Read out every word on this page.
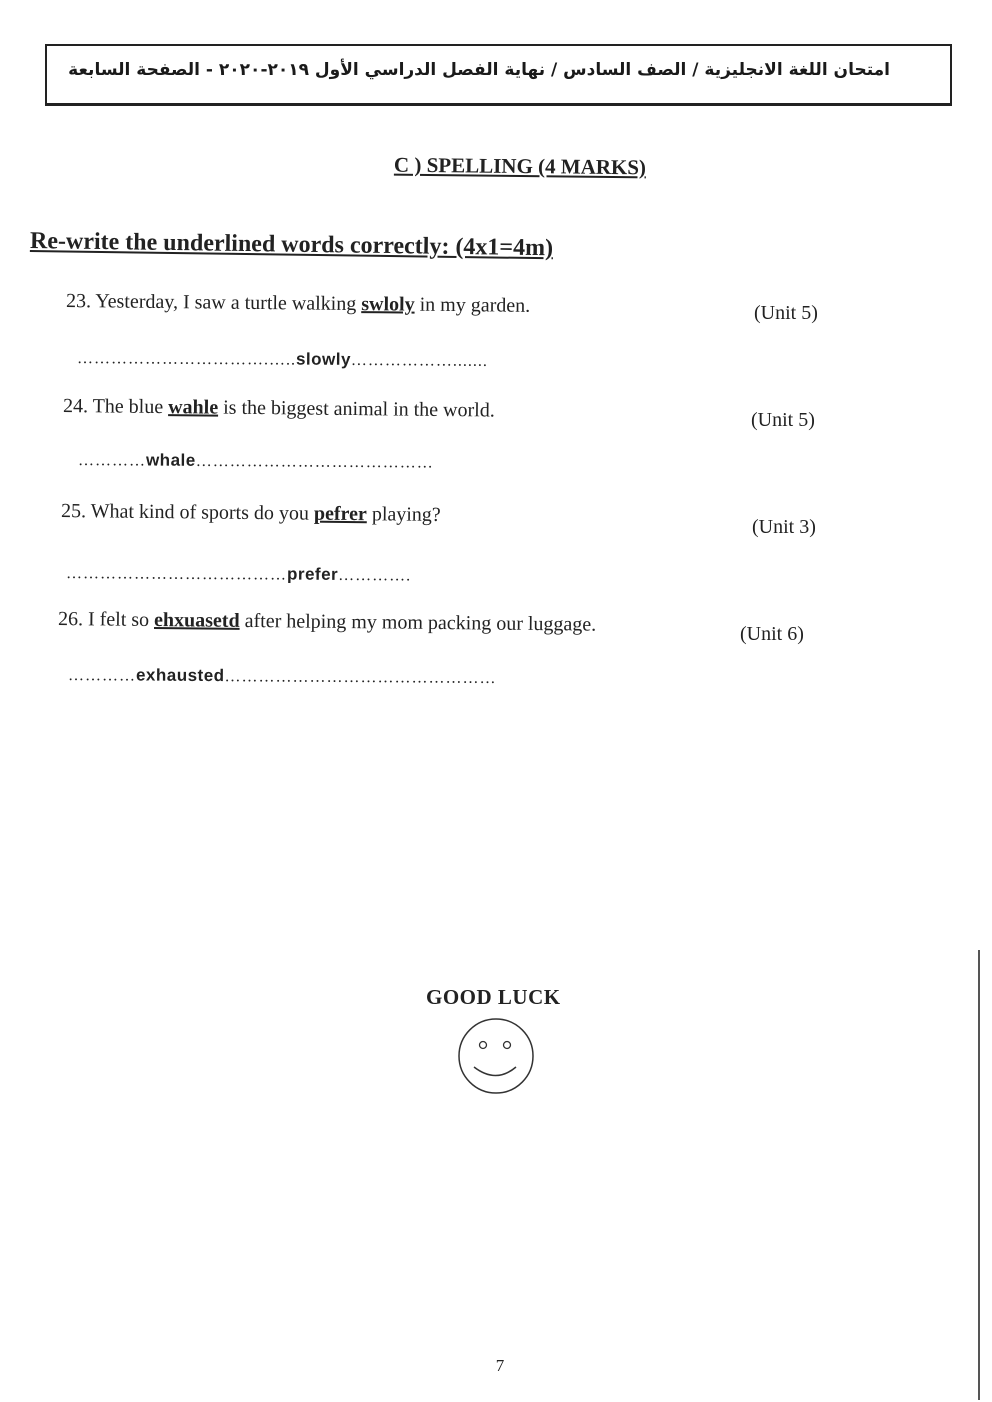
امتحان اللغة الانجليزية / الصف السادس / نهاية الفصل الدراسي الأول ٢٠١٩-٢٠٢٠ - الصفحة السابعة
C ) SPELLING (4 MARKS)
Re-write the underlined words correctly: (4x1=4m)
23. Yesterday, I saw a turtle walking swloly in my garden.	(Unit 5)
…………………………….…..slowly……………….......
24. The blue wahle is the biggest animal in the world.	(Unit 5)
…………whale……………………………………
25. What kind of sports do you pefrer playing?
(Unit 3)
…………………………………prefer………….
26. I felt so ehxuasetd after helping my mom packing our luggage.	(Unit 6)
…………exhausted…………………………………………
GOOD LUCK
7
